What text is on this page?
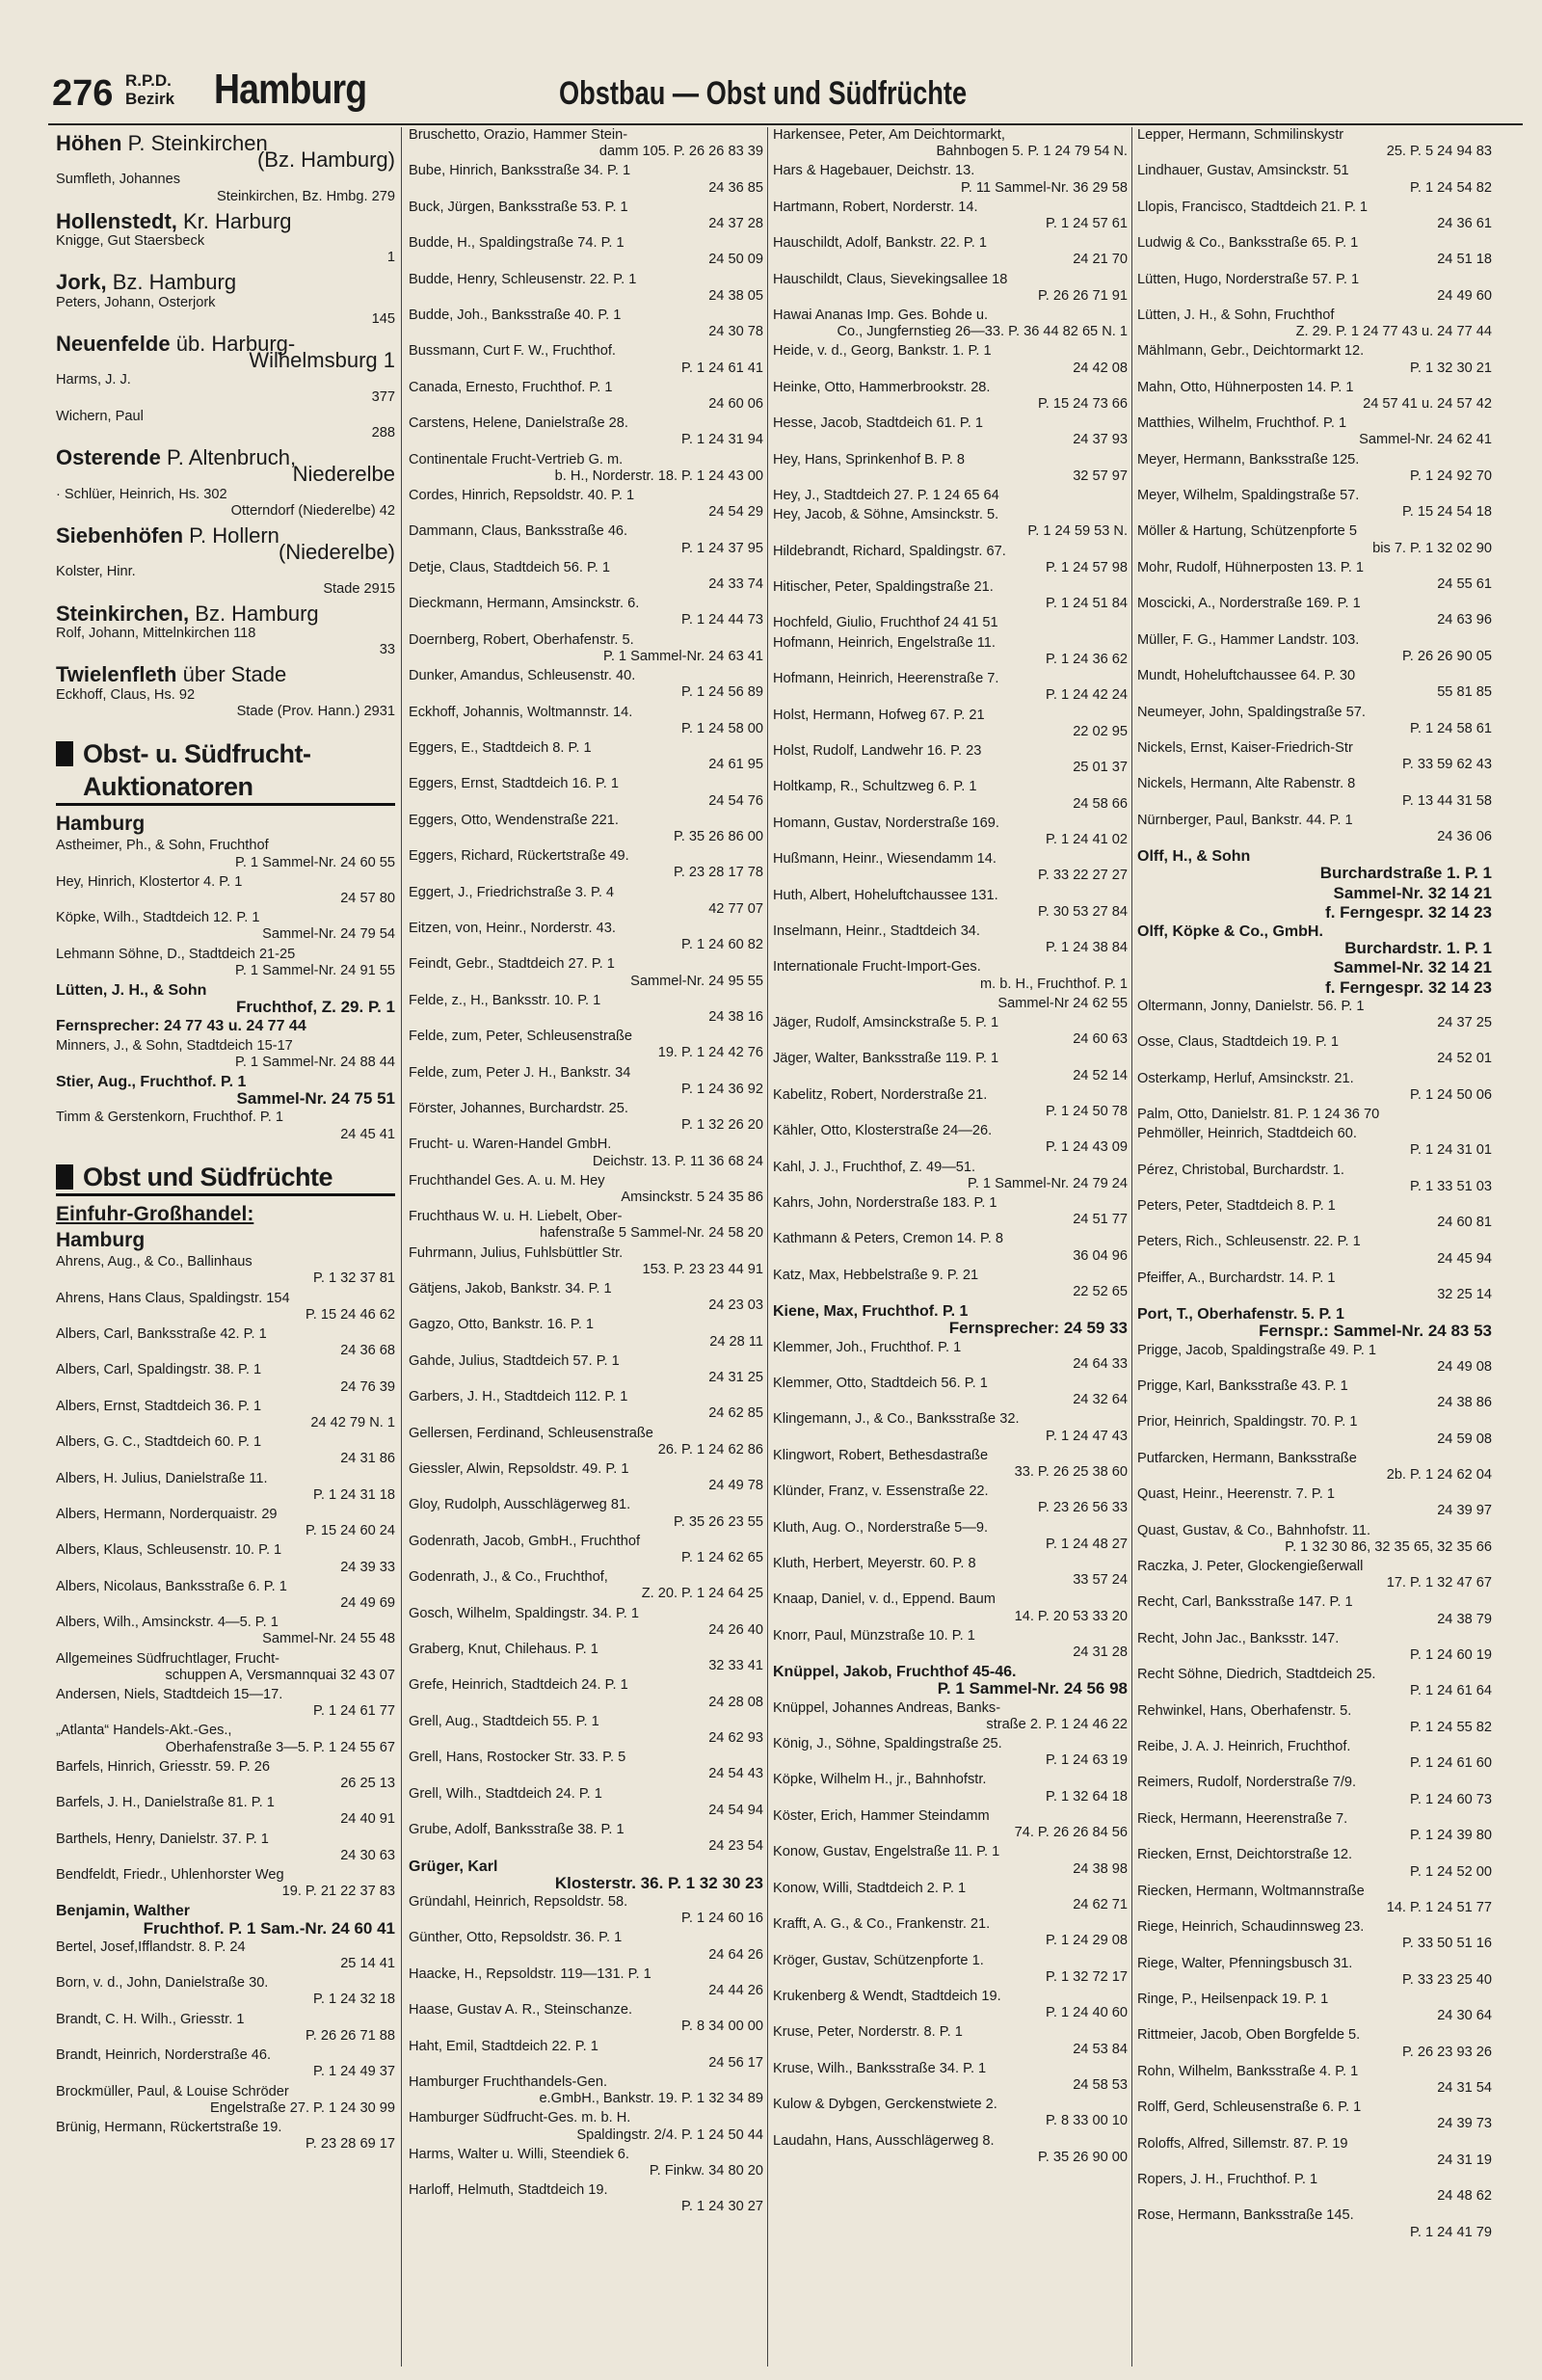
276 R.P.D.
Bezirk Hamburg	Obstbau — Obst und Südfrüchte
Höhen P. Steinkirchen
(Bz. Hamburg)
Sumfleth, Johannes
Steinkirchen, Bz. Hmbg. 279
Hollenstedt, Kr. Harburg
Knigge, Gut Staersbeck
1
Jork, Bz. Hamburg
Peters, Johann, Osterjork
145
Neuenfelde üb. Harburg-
Wilhelmsburg 1
Harms, J. J.
377
Wichern, Paul
288
Osterende P. Altenbruch,
Niederelbe
· Schlüer, Heinrich, Hs. 302
Otterndorf (Niederelbe) 42
Siebenhöfen P. Hollern
(Niederelbe)
Kolster, Hinr.
Stade 2915
Steinkirchen, Bz. Hamburg
Rolf, Johann, Mittelnkirchen 118
33
Twielenfleth über Stade
Eckhoff, Claus, Hs. 92
Stade (Prov. Hann.) 2931
Obst- u. Südfrucht-
Auktionatoren
Hamburg
Astheimer, Ph., & Sohn, Fruchthof
P. 1 Sammel-Nr. 24 60 55
Hey, Hinrich, Klostertor 4. P. 1
24 57 80
Köpke, Wilh., Stadtdeich 12. P. 1
Sammel-Nr. 24 79 54
Lehmann Söhne, D., Stadtdeich 21-25
P. 1 Sammel-Nr. 24 91 55
Lütten, J. H., & Sohn
Fruchthof, Z. 29. P. 1
Fernsprecher: 24 77 43 u. 24 77 44
Minners, J., & Sohn, Stadtdeich 15-17
P. 1 Sammel-Nr. 24 88 44
Stier, Aug., Fruchthof. P. 1
Sammel-Nr. 24 75 51
Timm & Gerstenkorn, Fruchthof. P. 1
24 45 41
Obst und Südfrüchte
Einfuhr-Großhandel:
Hamburg
Ahrens, Aug., & Co., Ballinhaus
P. 1 32 37 81
Ahrens, Hans Claus, Spaldingstr. 154
P. 15 24 46 62
Albers, Carl, Banksstraße 42. P. 1
24 36 68
Albers, Carl, Spaldingstr. 38. P. 1
24 76 39
Albers, Ernst, Stadtdeich 36. P. 1
24 42 79 N. 1
Albers, G. C., Stadtdeich 60. P. 1
24 31 86
Albers, H. Julius, Danielstraße 11.
P. 1 24 31 18
Albers, Hermann, Norderquaistr. 29
P. 15 24 60 24
Albers, Klaus, Schleusenstr. 10. P. 1
24 39 33
Albers, Nicolaus, Banksstraße 6. P. 1
24 49 69
Albers, Wilh., Amsinckstr. 4—5. P. 1
Sammel-Nr. 24 55 48
Allgemeines Südfruchtlager, Frucht-
schuppen A, Versmannquai 32 43 07
Andersen, Niels, Stadtdeich 15—17.
P. 1 24 61 77
„Atlanta“ Handels-Akt.-Ges.,
Oberhafenstraße 3—5. P. 1 24 55 67
Barfels, Hinrich, Griesstr. 59. P. 26
26 25 13
Barfels, J. H., Danielstraße 81. P. 1
24 40 91
Barthels, Henry, Danielstr. 37. P. 1
24 30 63
Bendfeldt, Friedr., Uhlenhorster Weg
19. P. 21 22 37 83
Benjamin, Walther
Fruchthof. P. 1 Sam.-Nr. 24 60 41
Bertel, Josef,Ifflandstr. 8. P. 24
25 14 41
Born, v. d., John, Danielstraße 30.
P. 1 24 32 18
Brandt, C. H. Wilh., Griesstr. 1
P. 26 26 71 88
Brandt, Heinrich, Norderstraße 46.
P. 1 24 49 37
Brockmüller, Paul, & Louise Schröder
Engelstraße 27. P. 1 24 30 99
Brünig, Hermann, Rückertstraße 19.
P. 23 28 69 17
Bruschetto, Orazio, Hammer Stein-
damm 105. P. 26 26 83 39
Bube, Hinrich, Banksstraße 34. P. 1
24 36 85
Buck, Jürgen, Banksstraße 53. P. 1
24 37 28
Budde, H., Spaldingstraße 74. P. 1
24 50 09
Budde, Henry, Schleusenstr. 22. P. 1
24 38 05
Budde, Joh., Banksstraße 40. P. 1
24 30 78
Bussmann, Curt F. W., Fruchthof.
P. 1 24 61 41
Canada, Ernesto, Fruchthof. P. 1
24 60 06
Carstens, Helene, Danielstraße 28.
P. 1 24 31 94
Continentale Frucht-Vertrieb G. m.
b. H., Norderstr. 18. P. 1 24 43 00
Cordes, Hinrich, Repsoldstr. 40. P. 1
24 54 29
Dammann, Claus, Banksstraße 46.
P. 1 24 37 95
Detje, Claus, Stadtdeich 56. P. 1
24 33 74
Dieckmann, Hermann, Amsinckstr. 6.
P. 1 24 44 73
Doernberg, Robert, Oberhafenstr. 5.
P. 1 Sammel-Nr. 24 63 41
Dunker, Amandus, Schleusenstr. 40.
P. 1 24 56 89
Eckhoff, Johannis, Woltmannstr. 14.
P. 1 24 58 00
Eggers, E., Stadtdeich 8. P. 1
24 61 95
Eggers, Ernst, Stadtdeich 16. P. 1
24 54 76
Eggers, Otto, Wendenstraße 221.
P. 35 26 86 00
Eggers, Richard, Rückertstraße 49.
P. 23 28 17 78
Eggert, J., Friedrichstraße 3. P. 4
42 77 07
Eitzen, von, Heinr., Norderstr. 43.
P. 1 24 60 82
Feindt, Gebr., Stadtdeich 27. P. 1
Sammel-Nr. 24 95 55
Felde, z., H., Banksstr. 10. P. 1
24 38 16
Felde, zum, Peter, Schleusenstraße
19. P. 1 24 42 76
Felde, zum, Peter J. H., Bankstr. 34
P. 1 24 36 92
Förster, Johannes, Burchardstr. 25.
P. 1 32 26 20
Frucht- u. Waren-Handel GmbH.
Deichstr. 13. P. 11 36 68 24
Fruchthandel Ges. A. u. M. Hey
Amsinckstr. 5 24 35 86
Fruchthaus W. u. H. Liebelt, Ober-
hafenstraße 5 Sammel-Nr. 24 58 20
Fuhrmann, Julius, Fuhlsbüttler Str.
153. P. 23 23 44 91
Gätjens, Jakob, Bankstr. 34. P. 1
24 23 03
Gagzo, Otto, Bankstr. 16. P. 1
24 28 11
Gahde, Julius, Stadtdeich 57. P. 1
24 31 25
Garbers, J. H., Stadtdeich 112. P. 1
24 62 85
Gellersen, Ferdinand, Schleusenstraße
26. P. 1 24 62 86
Giessler, Alwin, Repsoldstr. 49. P. 1
24 49 78
Gloy, Rudolph, Ausschlägerweg 81.
P. 35 26 23 55
Godenrath, Jacob, GmbH., Fruchthof
P. 1 24 62 65
Godenrath, J., & Co., Fruchthof,
Z. 20. P. 1 24 64 25
Gosch, Wilhelm, Spaldingstr. 34. P. 1
24 26 40
Graberg, Knut, Chilehaus. P. 1
32 33 41
Grefe, Heinrich, Stadtdeich 24. P. 1
24 28 08
Grell, Aug., Stadtdeich 55. P. 1
24 62 93
Grell, Hans, Rostocker Str. 33. P. 5
24 54 43
Grell, Wilh., Stadtdeich 24. P. 1
24 54 94
Grube, Adolf, Banksstraße 38. P. 1
24 23 54
Grüger, Karl
Klosterstr. 36. P. 1 32 30 23
Gründahl, Heinrich, Repsoldstr. 58.
P. 1 24 60 16
Günther, Otto, Repsoldstr. 36. P. 1
24 64 26
Haacke, H., Repsoldstr. 119—131. P. 1
24 44 26
Haase, Gustav A. R., Steinschanze.
P. 8 34 00 00
Haht, Emil, Stadtdeich 22. P. 1
24 56 17
Hamburger Fruchthandels-Gen.
e.GmbH., Bankstr. 19. P. 1 32 34 89
Hamburger Südfrucht-Ges. m. b. H.
Spaldingstr. 2/4. P. 1 24 50 44
Harms, Walter u. Willi, Steendiek 6.
P. Finkw. 34 80 20
Harloff, Helmuth, Stadtdeich 19.
P. 1 24 30 27
Harkensee, Peter, Am Deichtormarkt,
Bahnbogen 5. P. 1 24 79 54 N.
Hars & Hagebauer, Deichstr. 13.
P. 11 Sammel-Nr. 36 29 58
Hartmann, Robert, Norderstr. 14.
P. 1 24 57 61
Hauschildt, Adolf, Bankstr. 22. P. 1
24 21 70
Hauschildt, Claus, Sievekingsallee 18
P. 26 26 71 91
Hawai Ananas Imp. Ges. Bohde u.
Co., Jungfernstieg 26—33. P. 36 44 82 65 N. 1
Heide, v. d., Georg, Bankstr. 1. P. 1
24 42 08
Heinke, Otto, Hammerbrookstr. 28.
P. 15 24 73 66
Hesse, Jacob, Stadtdeich 61. P. 1
24 37 93
Hey, Hans, Sprinkenhof B. P. 8
32 57 97
Hey, J., Stadtdeich 27. P. 1 24 65 64
Hey, Jacob, & Söhne, Amsinckstr. 5.
P. 1 24 59 53 N.
Hildebrandt, Richard, Spaldingstr. 67.
P. 1 24 57 98
Hitischer, Peter, Spaldingstraße 21.
P. 1 24 51 84
Hochfeld, Giulio, Fruchthof 24 41 51
Hofmann, Heinrich, Engelstraße 11.
P. 1 24 36 62
Hofmann, Heinrich, Heerenstraße 7.
P. 1 24 42 24
Holst, Hermann, Hofweg 67. P. 21
22 02 95
Holst, Rudolf, Landwehr 16. P. 23
25 01 37
Holtkamp, R., Schultzweg 6. P. 1
24 58 66
Homann, Gustav, Norderstraße 169.
P. 1 24 41 02
Hußmann, Heinr., Wiesendamm 14.
P. 33 22 27 27
Huth, Albert, Hoheluftchaussee 131.
P. 30 53 27 84
Inselmann, Heinr., Stadtdeich 34.
P. 1 24 38 84
Internationale Frucht-Import-Ges.
m. b. H., Fruchthof. P. 1
Sammel-Nr 24 62 55
Jäger, Rudolf, Amsinckstraße 5. P. 1
24 60 63
Jäger, Walter, Banksstraße 119. P. 1
24 52 14
Kabelitz, Robert, Norderstraße 21.
P. 1 24 50 78
Kähler, Otto, Klosterstraße 24—26.
P. 1 24 43 09
Kahl, J. J., Fruchthof, Z. 49—51.
P. 1 Sammel-Nr. 24 79 24
Kahrs, John, Norderstraße 183. P. 1
24 51 77
Kathmann & Peters, Cremon 14. P. 8
36 04 96
Katz, Max, Hebbelstraße 9. P. 21
22 52 65
Kiene, Max, Fruchthof. P. 1
Fernsprecher: 24 59 33
Klemmer, Joh., Fruchthof. P. 1
24 64 33
Klemmer, Otto, Stadtdeich 56. P. 1
24 32 64
Klingemann, J., & Co., Banksstraße 32.
P. 1 24 47 43
Klingwort, Robert, Bethesdastraße
33. P. 26 25 38 60
Klünder, Franz, v. Essenstraße 22.
P. 23 26 56 33
Kluth, Aug. O., Norderstraße 5—9.
P. 1 24 48 27
Kluth, Herbert, Meyerstr. 60. P. 8
33 57 24
Knaap, Daniel, v. d., Eppend. Baum
14. P. 20 53 33 20
Knorr, Paul, Münzstraße 10. P. 1
24 31 28
Knüppel, Jakob, Fruchthof 45-46.
P. 1 Sammel-Nr. 24 56 98
Knüppel, Johannes Andreas, Banks-
straße 2. P. 1 24 46 22
König, J., Söhne, Spaldingstraße 25.
P. 1 24 63 19
Köpke, Wilhelm H., jr., Bahnhofstr.
P. 1 32 64 18
Köster, Erich, Hammer Steindamm
74. P. 26 26 84 56
Konow, Gustav, Engelstraße 11. P. 1
24 38 98
Konow, Willi, Stadtdeich 2. P. 1
24 62 71
Krafft, A. G., & Co., Frankenstr. 21.
P. 1 24 29 08
Kröger, Gustav, Schützenpforte 1.
P. 1 32 72 17
Krukenberg & Wendt, Stadtdeich 19.
P. 1 24 40 60
Kruse, Peter, Norderstr. 8. P. 1
24 53 84
Kruse, Wilh., Banksstraße 34. P. 1
24 58 53
Kulow & Dybgen, Gerckenstwiete 2.
P. 8 33 00 10
Laudahn, Hans, Ausschlägerweg 8.
P. 35 26 90 00
Lepper, Hermann, Schmilinskystr
25. P. 5 24 94 83
Lindhauer, Gustav, Amsinckstr. 51
P. 1 24 54 82
Llopis, Francisco, Stadtdeich 21. P. 1
24 36 61
Ludwig & Co., Banksstraße 65. P. 1
24 51 18
Lütten, Hugo, Norderstraße 57. P. 1
24 49 60
Lütten, J. H., & Sohn, Fruchthof
Z. 29. P. 1 24 77 43 u. 24 77 44
Mählmann, Gebr., Deichtormarkt 12.
P. 1 32 30 21
Mahn, Otto, Hühnerposten 14. P. 1
24 57 41 u. 24 57 42
Matthies, Wilhelm, Fruchthof. P. 1
Sammel-Nr. 24 62 41
Meyer, Hermann, Banksstraße 125.
P. 1 24 92 70
Meyer, Wilhelm, Spaldingstraße 57.
P. 15 24 54 18
Möller & Hartung, Schützenpforte 5
bis 7. P. 1 32 02 90
Mohr, Rudolf, Hühnerposten 13. P. 1
24 55 61
Moscicki, A., Norderstraße 169. P. 1
24 63 96
Müller, F. G., Hammer Landstr. 103.
P. 26 26 90 05
Mundt, Hoheluftchaussee 64. P. 30
55 81 85
Neumeyer, John, Spaldingstraße 57.
P. 1 24 58 61
Nickels, Ernst, Kaiser-Friedrich-Str
P. 33 59 62 43
Nickels, Hermann, Alte Rabenstr. 8
P. 13 44 31 58
Nürnberger, Paul, Bankstr. 44. P. 1
24 36 06
Olff, H., & Sohn
Burchardstraße 1. P. 1
Sammel-Nr. 32 14 21
f. Ferngespr. 32 14 23
Olff, Köpke & Co., GmbH.
Burchardstr. 1. P. 1
Sammel-Nr. 32 14 21
f. Ferngespr. 32 14 23
Oltermann, Jonny, Danielstr. 56. P. 1
24 37 25
Osse, Claus, Stadtdeich 19. P. 1
24 52 01
Osterkamp, Herluf, Amsinckstr. 21.
P. 1 24 50 06
Palm, Otto, Danielstr. 81. P. 1 24 36 70
Pehmöller, Heinrich, Stadtdeich 60.
P. 1 24 31 01
Pérez, Christobal, Burchardstr. 1.
P. 1 33 51 03
Peters, Peter, Stadtdeich 8. P. 1
24 60 81
Peters, Rich., Schleusenstr. 22. P. 1
24 45 94
Pfeiffer, A., Burchardstr. 14. P. 1
32 25 14
Port, T., Oberhafenstr. 5. P. 1
Fernspr.: Sammel-Nr. 24 83 53
Prigge, Jacob, Spaldingstraße 49. P. 1
24 49 08
Prigge, Karl, Banksstraße 43. P. 1
24 38 86
Prior, Heinrich, Spaldingstr. 70. P. 1
24 59 08
Putfarcken, Hermann, Banksstraße
2b. P. 1 24 62 04
Quast, Heinr., Heerenstr. 7. P. 1
24 39 97
Quast, Gustav, & Co., Bahnhofstr. 11.
P. 1 32 30 86, 32 35 65, 32 35 66
Raczka, J. Peter, Glockengießerwall
17. P. 1 32 47 67
Recht, Carl, Banksstraße 147. P. 1
24 38 79
Recht, John Jac., Banksstr. 147.
P. 1 24 60 19
Recht Söhne, Diedrich, Stadtdeich 25.
P. 1 24 61 64
Rehwinkel, Hans, Oberhafenstr. 5.
P. 1 24 55 82
Reibe, J. A. J. Heinrich, Fruchthof.
P. 1 24 61 60
Reimers, Rudolf, Norderstraße 7/9.
P. 1 24 60 73
Rieck, Hermann, Heerenstraße 7.
P. 1 24 39 80
Riecken, Ernst, Deichtorstraße 12.
P. 1 24 52 00
Riecken, Hermann, Woltmannstraße
14. P. 1 24 51 77
Riege, Heinrich, Schaudinnsweg 23.
P. 33 50 51 16
Riege, Walter, Pfenningsbusch 31.
P. 33 23 25 40
Ringe, P., Heilsenpack 19. P. 1
24 30 64
Rittmeier, Jacob, Oben Borgfelde 5.
P. 26 23 93 26
Rohn, Wilhelm, Banksstraße 4. P. 1
24 31 54
Rolff, Gerd, Schleusenstraße 6. P. 1
24 39 73
Roloffs, Alfred, Sillemstr. 87. P. 19
24 31 19
Ropers, J. H., Fruchthof. P. 1
24 48 62
Rose, Hermann, Banksstraße 145.
P. 1 24 41 79
